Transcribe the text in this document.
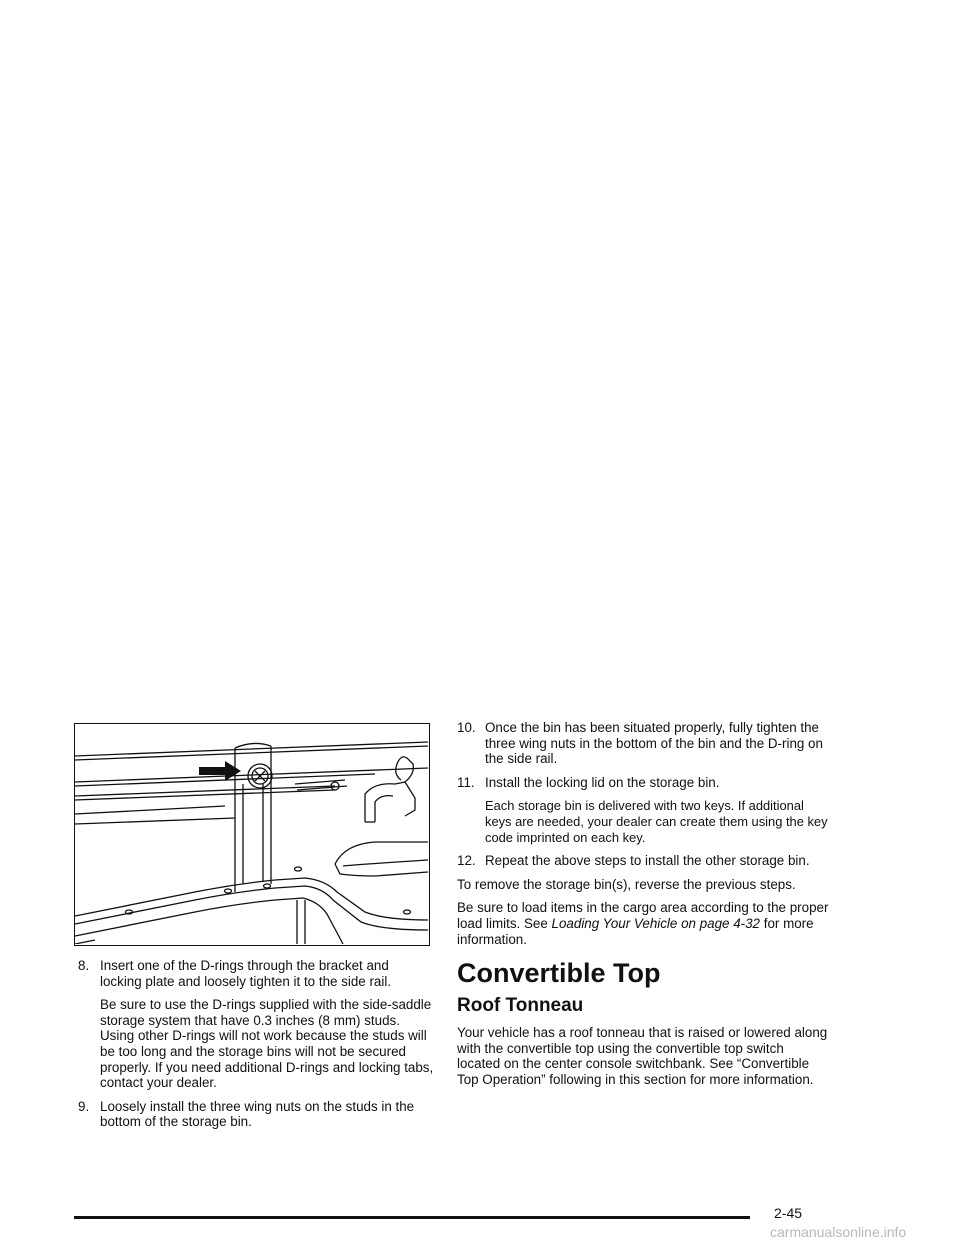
8. Insert one of the D-rings through the bracket and locking plate and loosely tighten it to the side rail.
Be sure to use the D-rings supplied with the side-saddle storage system that have 0.3 inches (8 mm) studs. Using other D-rings will not work because the studs will be too long and the storage bins will not be secured properly. If you need additional D-rings and locking tabs, contact your dealer.
9. Loosely install the three wing nuts on the studs in the bottom of the storage bin.
10. Once the bin has been situated properly, fully tighten the three wing nuts in the bottom of the bin and the D-ring on the side rail.
11. Install the locking lid on the storage bin.
Each storage bin is delivered with two keys. If additional keys are needed, your dealer can create them using the key code imprinted on each key.
12. Repeat the above steps to install the other storage bin.
To remove the storage bin(s), reverse the previous steps.
Be sure to load items in the cargo area according to the proper load limits. See Loading Your Vehicle on page 4-32 for more information.
Convertible Top
Roof Tonneau
Your vehicle has a roof tonneau that is raised or lowered along with the convertible top using the convertible top switch located on the center console switchbank. See “Convertible Top Operation” following in this section for more information.
2-45
carmanualsonline.info
